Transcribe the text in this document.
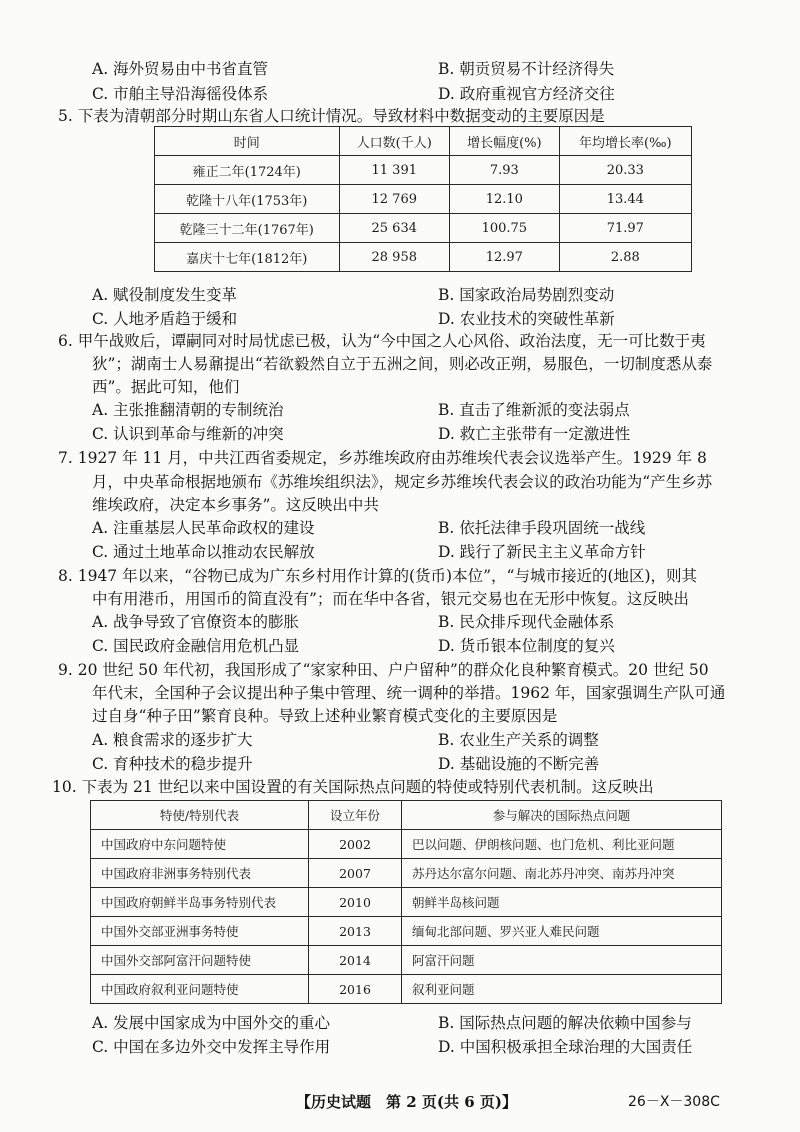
A. 海外贸易由中书省直管	B. 朝贡贸易不计经济得失
C. 市舶主导沿海徭役体系	D. 政府重视官方经济交往
5. 下表为清朝部分时期山东省人口统计情况。导致材料中数据变动的主要原因是
时间	人口数(千人)	增长幅度(%)	年均增长率(‰)
雍正二年(1724年)	11 391	7.93	20.33
乾隆十八年(1753年)	12 769	12.10	13.44
乾隆三十二年(1767年)	25 634	100.75	71.97
嘉庆十七年(1812年)	28 958	12.97	2.88
A. 赋役制度发生变革	B. 国家政治局势剧烈变动
C. 人地矛盾趋于缓和	D. 农业技术的突破性革新
6. 甲午战败后，谭嗣同对时局忧虑已极，认为“今中国之人心风俗、政治法度，无一可比数于夷
狄”；湖南士人易鼐提出“若欲毅然自立于五洲之间，则必改正朔，易服色，一切制度悉从泰
西”。据此可知，他们
A. 主张推翻清朝的专制统治	B. 直击了维新派的变法弱点
C. 认识到革命与维新的冲突	D. 救亡主张带有一定激进性
7. 1927 年 11 月，中共江西省委规定，乡苏维埃政府由苏维埃代表会议选举产生。1929 年 8
月，中央革命根据地颁布《苏维埃组织法》，规定乡苏维埃代表会议的政治功能为“产生乡苏
维埃政府，决定本乡事务”。这反映出中共
A. 注重基层人民革命政权的建设	B. 依托法律手段巩固统一战线
C. 通过土地革命以推动农民解放	D. 践行了新民主主义革命方针
8. 1947 年以来，“谷物已成为广东乡村用作计算的(货币)本位”，“与城市接近的(地区)，则其
中有用港币，用国币的简直没有”；而在华中各省，银元交易也在无形中恢复。这反映出
A. 战争导致了官僚资本的膨胀	B. 民众排斥现代金融体系
C. 国民政府金融信用危机凸显	D. 货币银本位制度的复兴
9. 20 世纪 50 年代初，我国形成了“家家种田、户户留种”的群众化良种繁育模式。20 世纪 50
年代末，全国种子会议提出种子集中管理、统一调种的举措。1962 年，国家强调生产队可通
过自身“种子田”繁育良种。导致上述种业繁育模式变化的主要原因是
A. 粮食需求的逐步扩大	B. 农业生产关系的调整
C. 育种技术的稳步提升	D. 基础设施的不断完善
10. 下表为 21 世纪以来中国设置的有关国际热点问题的特使或特别代表机制。这反映出
特使/特别代表	设立年份	参与解决的国际热点问题
中国政府中东问题特使	2002	巴以问题、伊朗核问题、也门危机、利比亚问题
中国政府非洲事务特别代表	2007	苏丹达尔富尔问题、南北苏丹冲突、南苏丹冲突
中国政府朝鲜半岛事务特别代表	2010	朝鲜半岛核问题
中国外交部亚洲事务特使	2013	缅甸北部问题、罗兴亚人难民问题
中国外交部阿富汗问题特使	2014	阿富汗问题
中国政府叙利亚问题特使	2016	叙利亚问题
A. 发展中国家成为中国外交的重心	B. 国际热点问题的解决依赖中国参与
C. 中国在多边外交中发挥主导作用	D. 中国积极承担全球治理的大国责任
【历史试题　第 2 页(共 6 页)】	26－X－308C
